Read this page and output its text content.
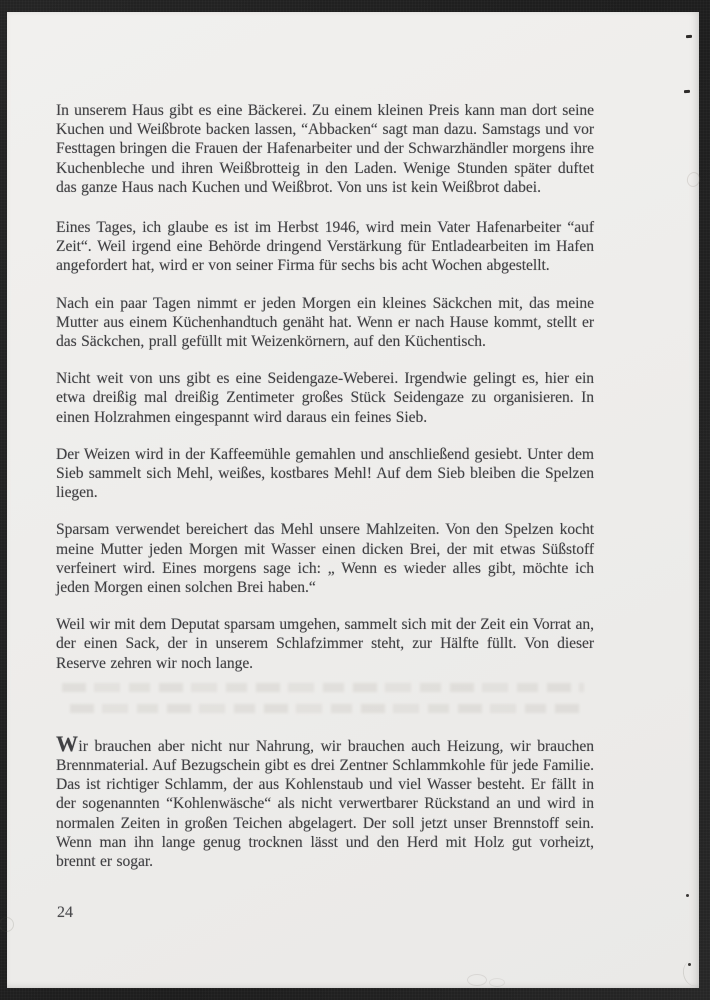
In unserem Haus gibt es eine Bäckerei. Zu einem kleinen Preis kann man dort seine Kuchen und Weißbrote backen lassen, “Abbacken“ sagt man dazu. Samstags und vor Festtagen bringen die Frauen der Hafenarbeiter und der Schwarzhändler morgens ihre Kuchenbleche und ihren Weißbrotteig in den Laden. Wenige Stunden später duftet das ganze Haus nach Kuchen und Weißbrot. Von uns ist kein Weißbrot dabei.

Eines Tages, ich glaube es ist im Herbst 1946, wird mein Vater Hafenarbeiter “auf Zeit“. Weil irgend eine Behörde dringend Verstärkung für Entladearbeiten im Hafen angefordert hat, wird er von seiner Firma für sechs bis acht Wochen abgestellt.

Nach ein paar Tagen nimmt er jeden Morgen ein kleines Säckchen mit, das meine Mutter aus einem Küchenhandtuch genäht hat. Wenn er nach Hause kommt, stellt er das Säckchen, prall gefüllt mit Weizenkörnern, auf den Küchentisch.

Nicht weit von uns gibt es eine Seidengaze-Weberei. Irgendwie gelingt es, hier ein etwa dreißig mal dreißig Zentimeter großes Stück Seidengaze zu organisieren. In einen Holzrahmen eingespannt wird daraus ein feines Sieb.

Der Weizen wird in der Kaffeemühle gemahlen und anschließend gesiebt. Unter dem Sieb sammelt sich Mehl, weißes, kostbares Mehl! Auf dem Sieb bleiben die Spelzen liegen.

Sparsam verwendet bereichert das Mehl unsere Mahlzeiten. Von den Spelzen kocht meine Mutter jeden Morgen mit Wasser einen dicken Brei, der mit etwas Süßstoff verfeinert wird. Eines morgens sage ich: „ Wenn es wieder alles gibt, möchte ich jeden Morgen einen solchen Brei haben.“

Weil wir mit dem Deputat sparsam umgehen, sammelt sich mit der Zeit ein Vorrat an, der einen Sack, der in unserem Schlafzimmer steht, zur Hälfte füllt. Von dieser Reserve zehren wir noch lange.

Wir brauchen aber nicht nur Nahrung, wir brauchen auch Heizung, wir brauchen Brennmaterial. Auf Bezugschein gibt es drei Zentner Schlammkohle für jede Familie. Das ist richtiger Schlamm, der aus Kohlenstaub und viel Wasser besteht. Er fällt in der sogenannten “Kohlenwäsche“ als nicht verwertbarer Rückstand an und wird in normalen Zeiten in großen Teichen abgelagert. Der soll jetzt unser Brennstoff sein. Wenn man ihn lange genug trocknen lässt und den Herd mit Holz gut vorheizt, brennt er sogar.

24
